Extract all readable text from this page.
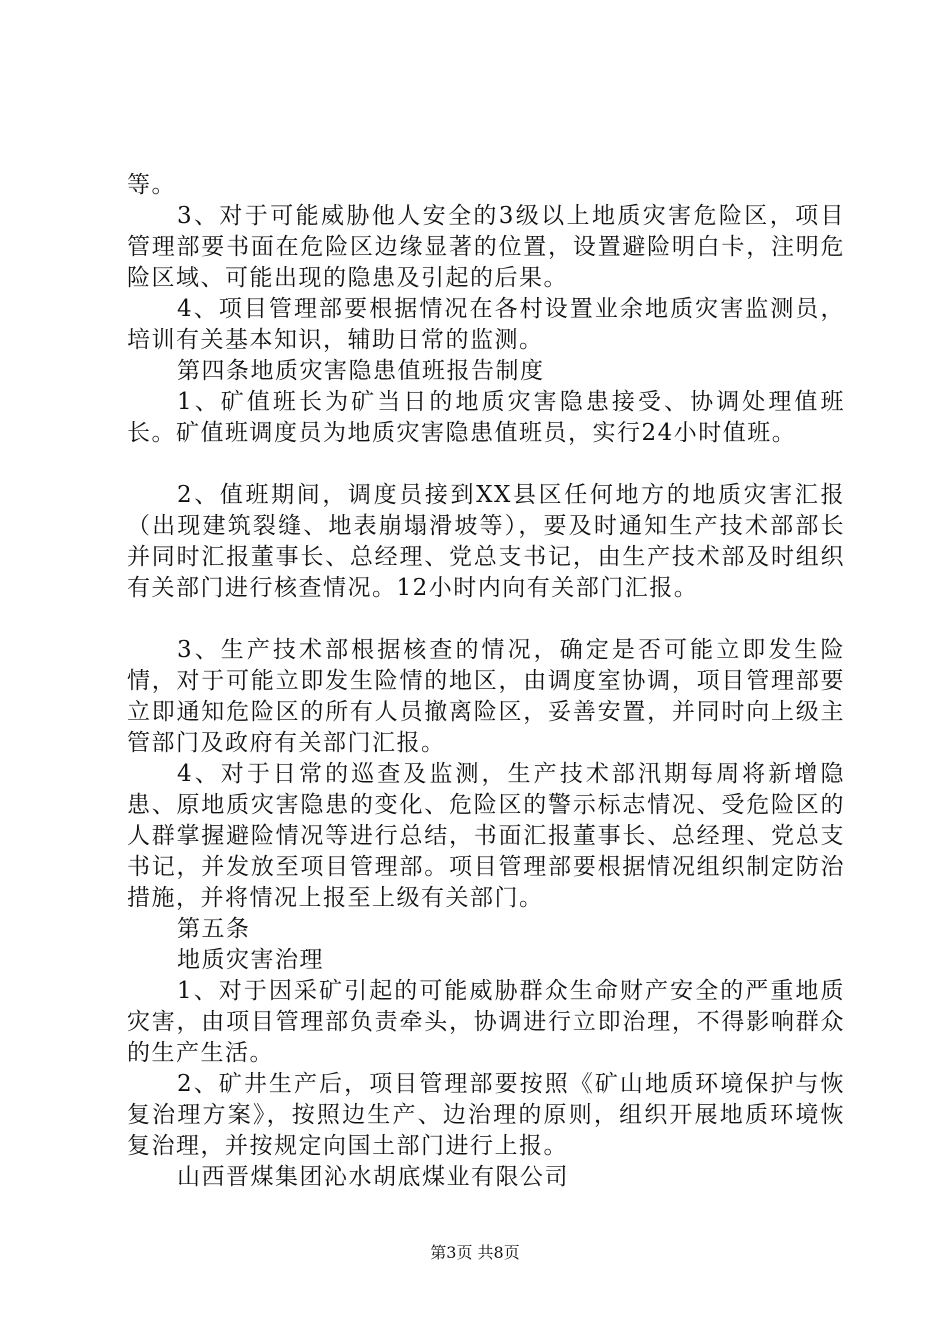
等。

3、对于可能威胁他人安全的3级以上地质灾害危险区，项目管理部要书面在危险区边缘显著的位置，设置避险明白卡，注明危险区域、可能出现的隐患及引起的后果。

4、项目管理部要根据情况在各村设置业余地质灾害监测员，培训有关基本知识，辅助日常的监测。

第四条地质灾害隐患值班报告制度

1、矿值班长为矿当日的地质灾害隐患接受、协调处理值班长。矿值班调度员为地质灾害隐患值班员，实行24小时值班。

2、值班期间，调度员接到XX县区任何地方的地质灾害汇报（出现建筑裂缝、地表崩塌滑坡等），要及时通知生产技术部部长并同时汇报董事长、总经理、党总支书记，由生产技术部及时组织有关部门进行核查情况。12小时内向有关部门汇报。

3、生产技术部根据核查的情况，确定是否可能立即发生险情，对于可能立即发生险情的地区，由调度室协调，项目管理部要立即通知危险区的所有人员撤离险区，妥善安置，并同时向上级主管部门及政府有关部门汇报。

4、对于日常的巡查及监测，生产技术部汛期每周将新增隐患、原地质灾害隐患的变化、危险区的警示标志情况、受危险区的人群掌握避险情况等进行总结，书面汇报董事长、总经理、党总支书记，并发放至项目管理部。项目管理部要根据情况组织制定防治措施，并将情况上报至上级有关部门。

第五条

地质灾害治理

1、对于因采矿引起的可能威胁群众生命财产安全的严重地质灾害，由项目管理部负责牵头，协调进行立即治理，不得影响群众的生产生活。

2、矿井生产后，项目管理部要按照《矿山地质环境保护与恢复治理方案》，按照边生产、边治理的原则，组织开展地质环境恢复治理，并按规定向国土部门进行上报。

山西晋煤集团沁水胡底煤业有限公司

第3页 共8页
